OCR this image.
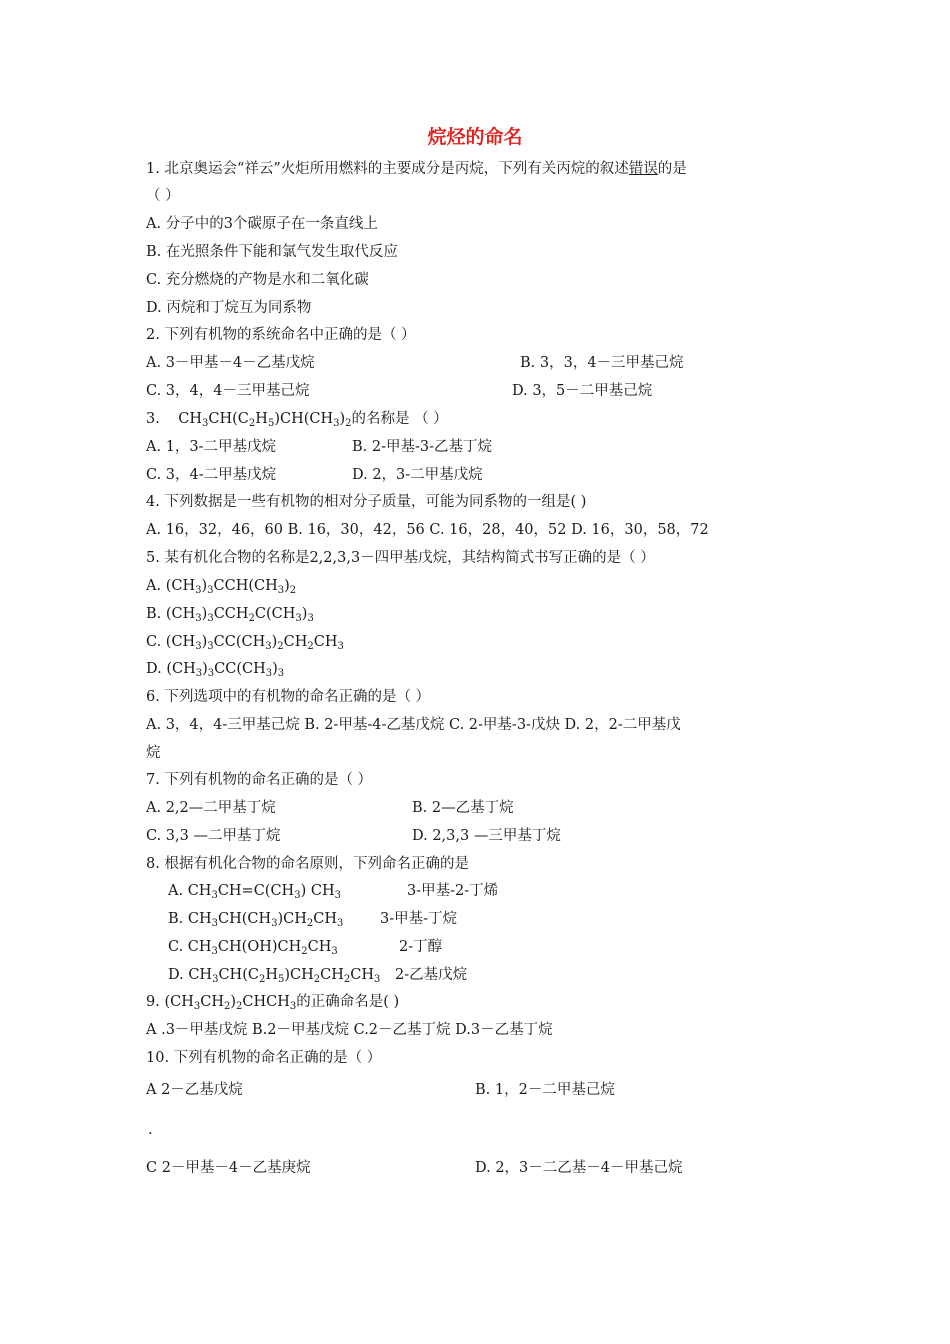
烷烃的命名
1. 北京奥运会“祥云”火炬所用燃料的主要成分是丙烷，下列有关丙烷的叙述错误的是
（ ）
A. 分子中的3个碳原子在一条直线上
B. 在光照条件下能和氯气发生取代反应
C. 充分燃烧的产物是水和二氧化碳
D. 丙烷和丁烷互为同系物
2. 下列有机物的系统命名中正确的是（ ）
A. 3－甲基－4－乙基戊烷	B. 3，3，4－三甲基己烷
C. 3，4，4－三甲基己烷	D. 3，5－二甲基己烷
3. $CH_3CH(C_2H_5)CH(CH_3)_2$的名称是 （ ）
A. 1，3-二甲基戊烷	B. 2-甲基-3-乙基丁烷
C. 3，4-二甲基戊烷	D. 2，3-二甲基戊烷
4. 下列数据是一些有机物的相对分子质量，可能为同系物的一组是( )
A. 16，32，46，60 B. 16，30，42，56 C. 16，28，40，52 D. 16，30，58，72
5. 某有机化合物的名称是2,2,3,3－四甲基戊烷，其结构简式书写正确的是（ ）
A. $(CH_3)_3CCH(CH_3)_2$
B. $(CH_3)_3CCH_2C(CH_3)_3$
C. $(CH_3)_3CC(CH_3)_2CH_2CH_3$
D. $(CH_3)_3CC(CH_3)_3$
6. 下列选项中的有机物的命名正确的是（ ）
A. 3，4，4-三甲基己烷 B. 2-甲基-4-乙基戊烷 C. 2-甲基-3-戊炔 D. 2，2-二甲基戊
烷
7. 下列有机物的命名正确的是（ ）
A. 2,2—二甲基丁烷	B. 2—乙基丁烷
C. 3,3 —二甲基丁烷	D. 2,3,3 —三甲基丁烷
8. 根据有机化合物的命名原则，下列命名正确的是
A. $CH_3CH=C(CH_3)$ $CH_3$	3-甲基-2-丁烯
B. $CH_3CH(CH_3)CH_2CH_3$	3-甲基-丁烷
C. $CH_3CH(OH)CH_2CH_3$	2-丁醇
D. $CH_3CH(C_2H_5)CH_2CH_2CH_3$ 2-乙基戊烷
9. $(CH_3CH_2)_2CHCH_3$的正确命名是( )
A .3－甲基戊烷 B.2－甲基戊烷 C.2－乙基丁烷 D.3－乙基丁烷
10. 下列有机物的命名正确的是（ ）
A 2－乙基戊烷	B. 1，2－二甲基己烷
.
C 2－甲基－4－乙基庚烷	D. 2，3－二乙基－4－甲基己烷
